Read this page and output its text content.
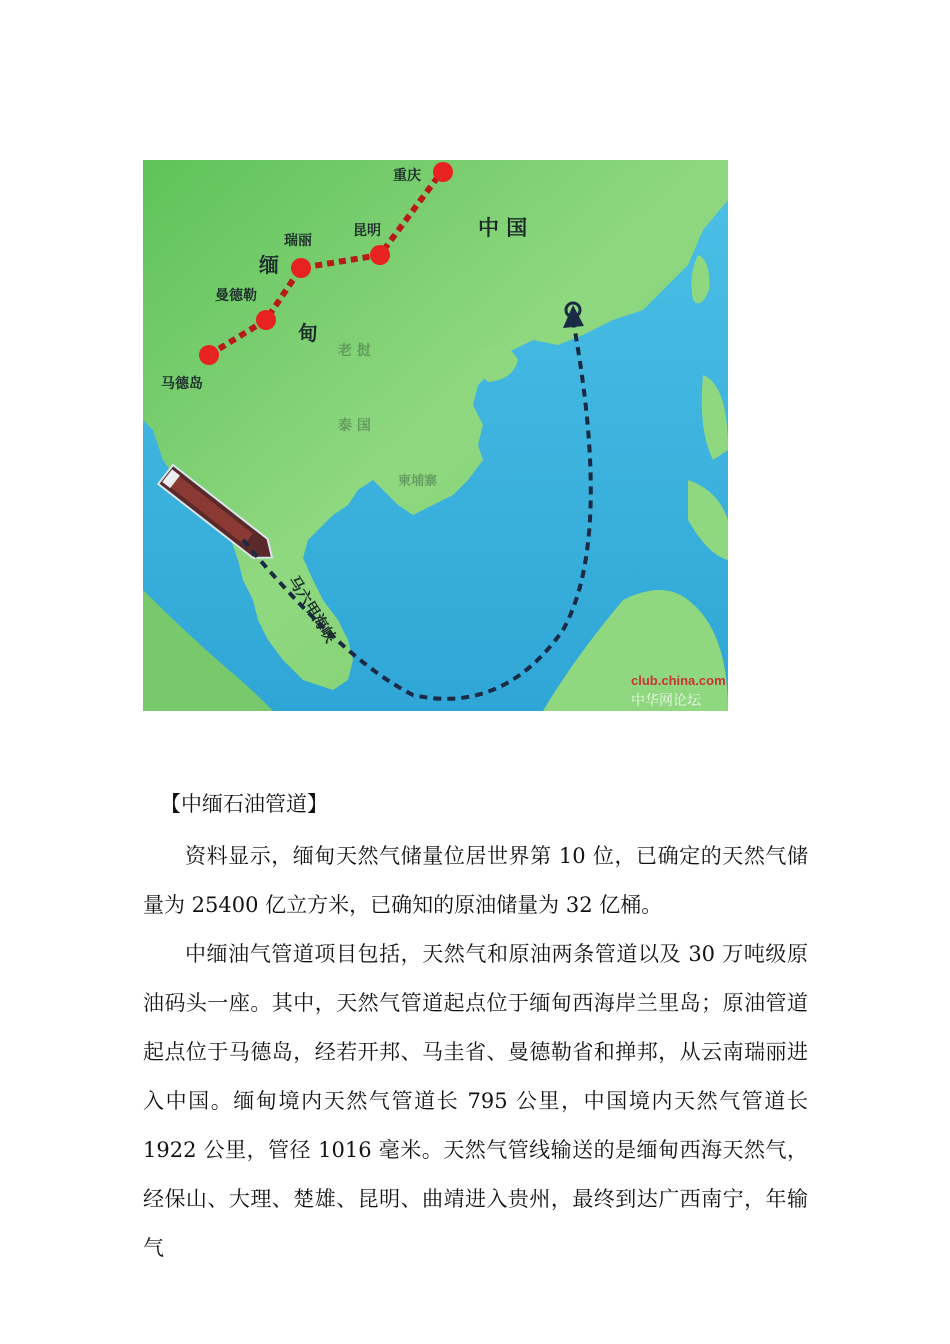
老 挝
泰 国
柬埔寨
中 国
缅
甸
重庆
昆明
瑞丽
曼德勒
马德岛
马六甲海峡
club.china.com
中华网论坛
【中缅石油管道】

资料显示，缅甸天然气储量位居世界第 10 位，已确定的天然气储量为 25400 亿立方米，已确知的原油储量为 32 亿桶。

中缅油气管道项目包括，天然气和原油两条管道以及 30 万吨级原油码头一座。其中，天然气管道起点位于缅甸西海岸兰里岛；原油管道起点位于马德岛，经若开邦、马圭省、曼德勒省和掸邦，从云南瑞丽进入中国。缅甸境内天然气管道长 795 公里，中国境内天然气管道长 1922 公里，管径 1016 毫米。天然气管线输送的是缅甸西海天然气，经保山、大理、楚雄、昆明、曲靖进入贵州，最终到达广西南宁，年输气
